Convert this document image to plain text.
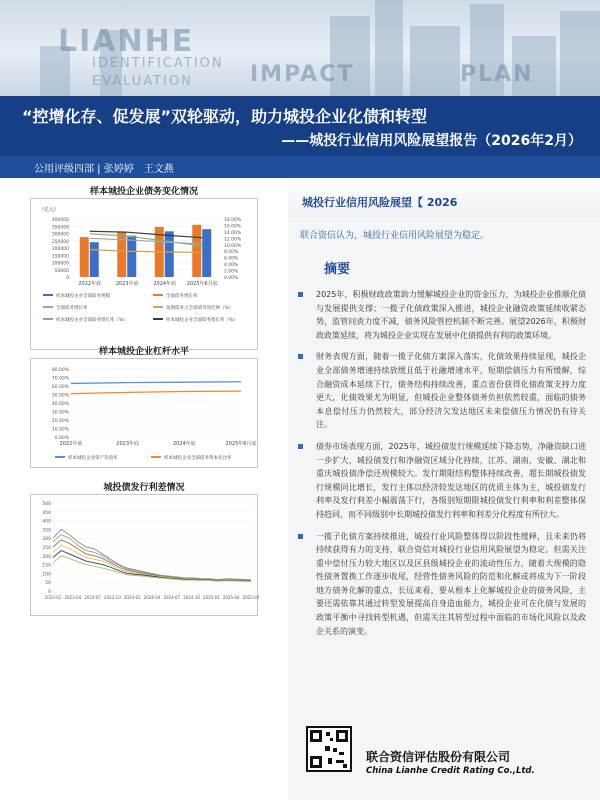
LIANHE
IDENTIFICATION
EVALUATION	IMPACT	PLAN
“控增化存、促发展”双轮驱动，助力城投企业化债和转型
——城投行业信用风险展望报告（2026年2月）
公用评级四部 | 张婷婷　王文燕
样本城投企业债务变化情况
（亿元）
400000
350000
300000
250000
200000
150000
100000
50000
0
18.00%
16.00%
14.00%
12.00%
10.00%
8.00%
6.00%
4.00%
2.00%
0.00%
2022年底	2023年底	2024年底 2025年6月底
样本城投企业全部债务规模	全部债务增长率
全部债务增长率	短期债务占全部债务的比例（%）
样本城投企业全部债务增长率（%）	样本城投企业全部债务增长率（%）
样本城投企业杠杆水平
80.00%
70.00%
60.00%
50.00%
40.00%
30.00%
20.00%
10.00%
0.00%
2022年底	2023年底	2024年底	2025年6月底
样本城投企业资产负债率	样本城投企业全部债务资本化比率
城投债发行利差情况
500
450
400
350
300
250
200
150
100
50
0
2023-01 2023-04 2023-07 2023-10 2024-01 2024-04 2024-07 2024-10 2025-01 2025-04 2025-07
城投行业信用风险展望【 2026
联合资信认为，城投行业信用风险展望为稳定。
摘要
2025年，积极财政政策助力缓解城投企业的资金压力，为城投企业推顺化债与发展提供支撑；一揽子化债政策深入推进，城投企业融资政策延续收紧态势，监管问责力度不减，债务风险管控机制不断完善。展望2026年，积极财政政策延续，将为城投企业实现在发展中化债提供有利的政策环境。
财务表现方面，随着一揽子化债方案深入落实，化债效果持续显现，城投企业全部债务增速持续放缓且低于社融增速水平，短期偿债压力有所缓解，综合融资成本延续下行，债务结构持续改善，重点省份获得化债政策支持力度更大，化债效果尤为明显，但城投企业整体债务负担依然较重，面临的债务本息偿付压力仍然较大，部分经济欠发达地区未来偿债压力情况仍有待关注。
债券市场表现方面，2025年，城投债发行规模延续下降态势，净融资缺口进一步扩大，城投债发行和净融资区域分化持续，江苏、湖南、安徽、湖北和重庆城投债净偿还规模较大。发行期限结构整体持续改善，超长期城投债发行规模同比增长，发行主体以经济较发达地区的优质主体为主，城投债发行利率及发行利差小幅震荡下行，各级别短期限城投债发行利率和利差整体保持趋同，而不同级别中长期城投债发行利率和利差分化程度有所拉大。
一揽子化债方案持续推进，城投行业风险整体得以阶段性缓释，且未来仍将持续获得有力的支持，联合资信对城投行业信用风险展望为稳定。但需关注重中偿付压力较大地区以及区县级城投企业的流动性压力，随着大规模的隐性债务置换工作逐步收尾，经营性债务风险的防范和化解或将成为下一阶段地方债务化解的重点，长远来看，要从根本上化解城投企业的债务风险，主要还需依靠其通过转型发展提高自身造血能力，城投企业可在化债与发展的政策平衡中寻找转型机遇，但需关注其转型过程中面临的市场化风险以及政企关系的演变。
联合资信评估股份有限公司
China Lianhe Credit Rating Co.,Ltd.
